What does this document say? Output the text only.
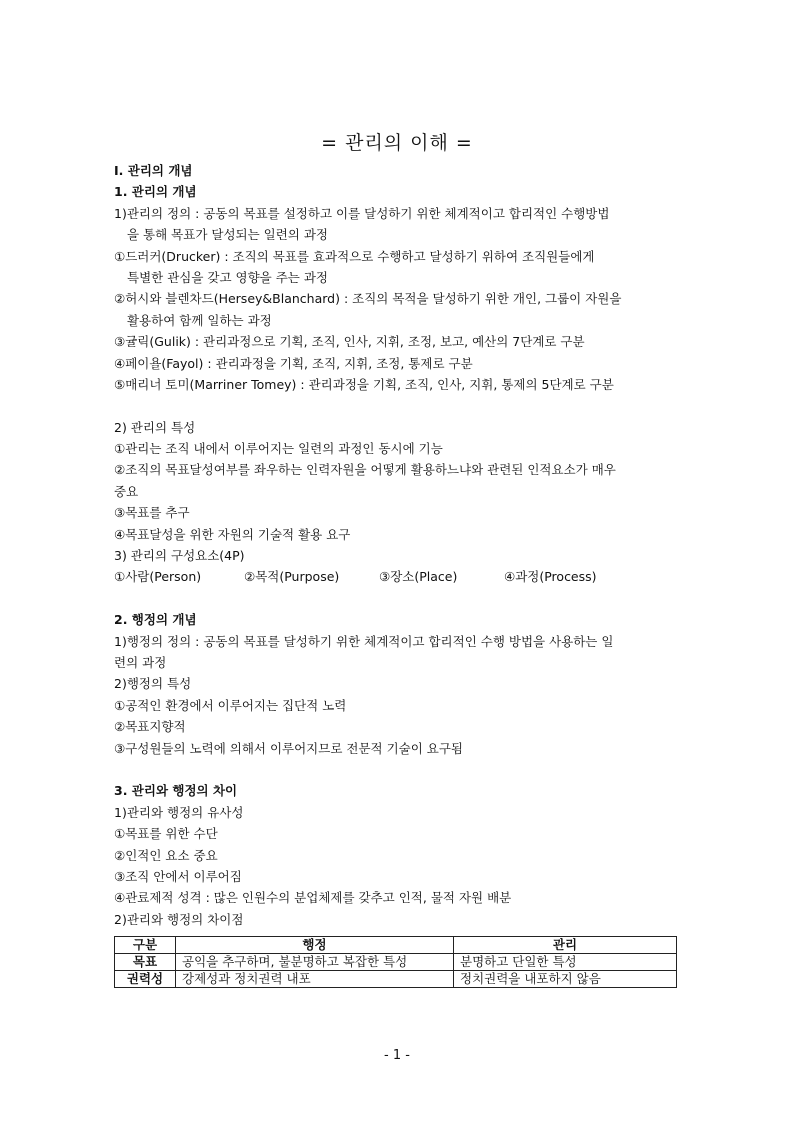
= 관리의 이해 =
Ⅰ. 관리의 개념
1. 관리의 개념
1)관리의 정의 : 공동의 목표를 설정하고 이를 달성하기 위한 체계적이고 합리적인 수행방법
을 통해 목표가 달성되는 일련의 과정
①드러커(Drucker) : 조직의 목표를 효과적으로 수행하고 달성하기 위하여 조직원들에게
특별한 관심을 갖고 영향을 주는 과정
②허시와 블렌차드(Hersey&Blanchard) : 조직의 목적을 달성하기 위한 개인, 그룹이 자원을
활용하여 함께 일하는 과정
③귤릭(Gulik) : 관리과정으로 기획, 조직, 인사, 지휘, 조정, 보고, 예산의 7단계로 구분
④페이욜(Fayol) : 관리과정을 기획, 조직, 지휘, 조정, 통제로 구분
⑤매리너 토미(Marriner Tomey) : 관리과정을 기획, 조직, 인사, 지휘, 통제의 5단계로 구분
2) 관리의 특성
①관리는 조직 내에서 이루어지는 일련의 과정인 동시에 기능
②조직의 목표달성여부를 좌우하는 인력자원을 어떻게 활용하느냐와 관련된 인적요소가 매우
중요
③목표를 추구
④목표달성을 위한 자원의 기술적 활용 요구
3) 관리의 구성요소(4P)
①사람(Person)	②목적(Purpose)	③장소(Place)	④과정(Process)
2. 행정의 개념
1)행정의 정의 : 공동의 목표를 달성하기 위한 체계적이고 합리적인 수행 방법을 사용하는 일
련의 과정
2)행정의 특성
①공적인 환경에서 이루어지는 집단적 노력
②목표지향적
③구성원들의 노력에 의해서 이루어지므로 전문적 기술이 요구됨
3. 관리와 행정의 차이
1)관리와 행정의 유사성
①목표를 위한 수단
②인적인 요소 중요
③조직 안에서 이루어짐
④관료제적 성격 : 많은 인원수의 분업체제를 갖추고 인적, 물적 자원 배분
2)관리와 행정의 차이점
구분	행정	관리
목표	공익을 추구하며, 불분명하고 복잡한 특성	분명하고 단일한 특성
권력성	강제성과 정치권력 내포	정치권력을 내포하지 않음
- 1 -
